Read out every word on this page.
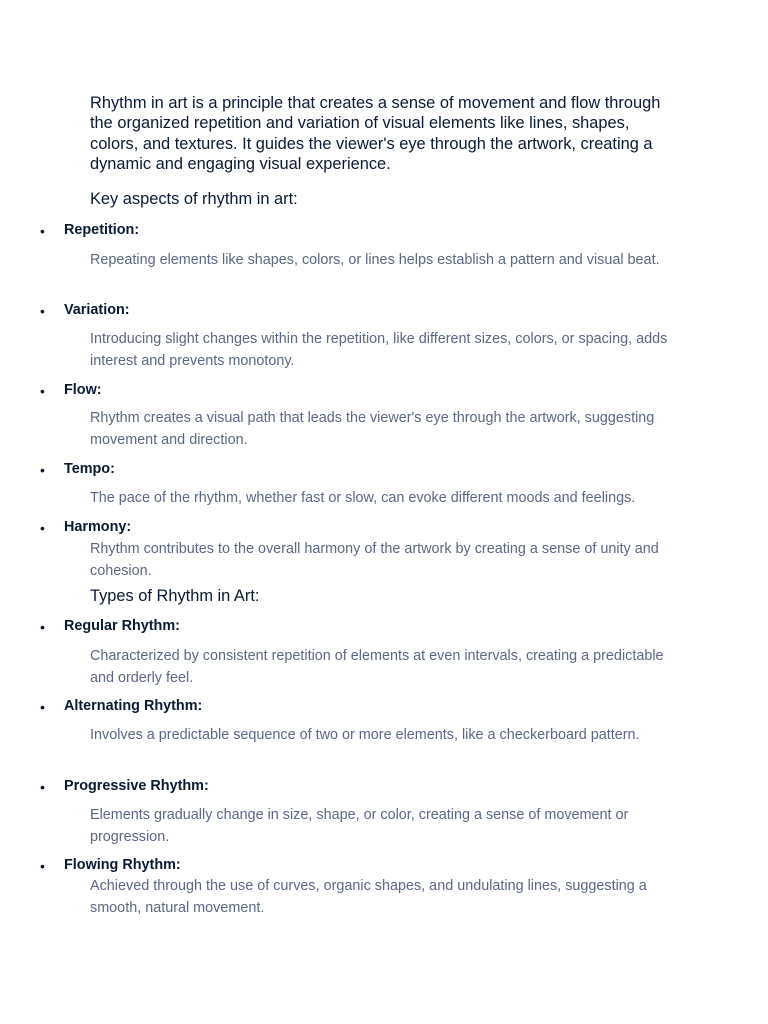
Rhythm in art is a principle that creates a sense of movement and flow through the organized repetition and variation of visual elements like lines, shapes, colors, and textures. It guides the viewer's eye through the artwork, creating a dynamic and engaging visual experience.

Key aspects of rhythm in art:

• Repetition:

Repeating elements like shapes, colors, or lines helps establish a pattern and visual beat.

• Variation:

Introducing slight changes within the repetition, like different sizes, colors, or spacing, adds interest and prevents monotony.

• Flow:

Rhythm creates a visual path that leads the viewer's eye through the artwork, suggesting movement and direction.

• Tempo:

The pace of the rhythm, whether fast or slow, can evoke different moods and feelings.

• Harmony:

Rhythm contributes to the overall harmony of the artwork by creating a sense of unity and cohesion.

Types of Rhythm in Art:

• Regular Rhythm:

Characterized by consistent repetition of elements at even intervals, creating a predictable and orderly feel.

• Alternating Rhythm:

Involves a predictable sequence of two or more elements, like a checkerboard pattern.

• Progressive Rhythm:

Elements gradually change in size, shape, or color, creating a sense of movement or progression.

• Flowing Rhythm:

Achieved through the use of curves, organic shapes, and undulating lines, suggesting a smooth, natural movement.
